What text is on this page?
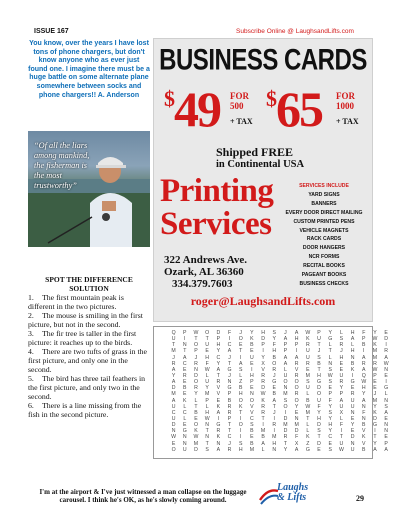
ISSUE 167	Subscribe Online @ LaughsandLifts.com
You know, over the years I have lost tons of phone chargers, but don't know anyone who as ever just found one. I imagine there must be a huge battle on some alternate plane somewhere between socks and phone chargers!! A. Anderson
“Of all the liars among mankind, the fisherman is the most trustworthy”
BUSINESS CARDS
$ 49 FOR 500
+ TAX
$ 65 FOR 1000
+ TAX
Shipped FREE
in Continental USA
Printing
Services
SERVICES INCLUDE
YARD SIGNS
BANNERS
EVERY DOOR DIRECT MAILING
CUSTOM PRINTED PENS
VEHICLE MAGNETS
RACK CARDS
DOOR HANGERS
NCR FORMS
RECITAL BOOKS
PAGEANT BOOKS
BUSINESS CHECKS
322 Andrews Ave.
Ozark, AL 36360
334.379.7603
roger@LaughsandLifts.com
SPOT THE DIFFERENCE SOLUTION
1. The first mountain peak is different in the two pictures.
2. The mouse is smiling in the first picture, but not in the second.
3. The fir tree is taller in the first picture: it reaches up to the birds.
4. There are two tufts of grass in the first picture, and only one in the second.
5. The bird has three tail feathers in the first picture, and only two in the second.
6. There is a line missing from the fish in the second picture.
Q P W O D F J Y H S J A W P Y L H F Y E
U I T T P I O K D Y A H K U G S A P W D
T N O U H C E B P F P P R T L R L B K I
M T P E Y A T E I H P I U J T J H I M R
J A J H C J I U Y B A A U S L H N A M A
R C R F Y T A E X O A R R B N E B R R W
A E N W A G S I V R L V E T S E K A W N
Y R D L T J L H R J U R M H W U I Q P E
A E O U R N Z P R G O O S G S R G W E I
D B R Y V G B E D E N O U D E Y E H E G
M E Y M V P H N W B M R L O P P R Y J L
A K L P E B O O K A S O B U F A U A M N
U L T L K R K V R T O Y W F Y U U N Y S
C C B H A R T V R J I E M Y S X N F K A
U L E W I P I C T I D N T H Y L E N D E
D E O N G T O S I R M M L D H F Y B G N
N G K T R T I B M I D D L S Y I E V I N
W N W N K C I E B M R F K T C T D K T E
E N M T N J S B A H T X Z D E U N V Y P
O U D S A R H M L N Y A G E S W U B A A
I'm at the airport & I've just witnessed a man collapse on the luggage carousel. I think he's OK, as he's slowly coming around.
Laughs
& Lifts	29
